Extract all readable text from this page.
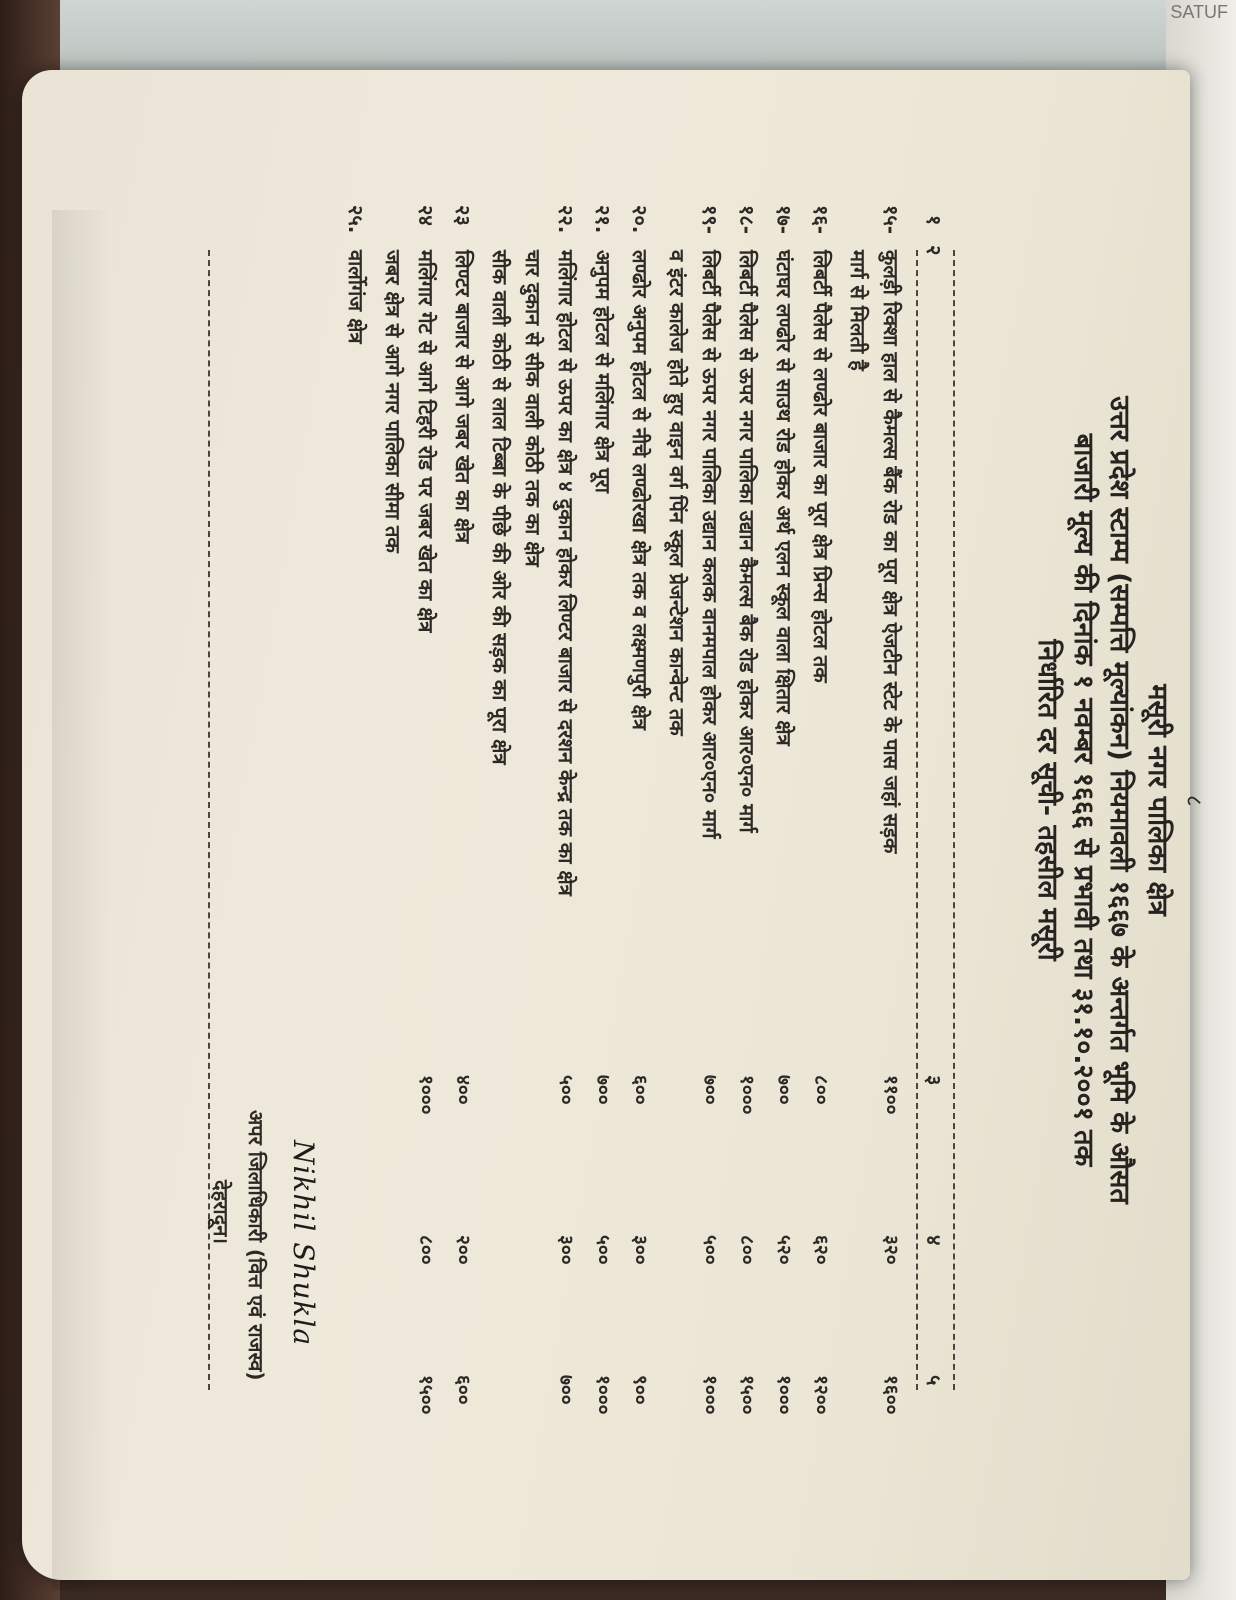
SATUF
८
मसूरी नगर पालिका क्षेत्र
उत्तर प्रदेश स्टाम्प (सम्पत्ति मूल्यांकन) नियमावली १६६७ के अन्तर्गत भूमि के औसत
बाजारी मूल्य की दिनांक १ नवम्बर १६६६ से प्रभावी तथा ३१.१०.२००१ तक
निर्धारित दर सूची- तहसील मसूरी
१
२
३
४
५
Nikhil Shukla
अपर जिलाधिकारी (वित्त एवं राजस्व)
देहरादून।
१५-
कुलड़ी रिक्शा हाल से कैमल्स बैंक रोड का पूरा क्षेत्र ऐजटीन स्टेट के पास जहां सड़क
मार्ग से मिलती है
११००
३२०
१६००
१६-
लिबर्टी पैलेस से लण्ढोर बाजार का पूरा क्षेत्र प्रिन्स होटल तक
८००
६२०
१२००
१७-
घंटाघर लण्ढोर से साउथ रोड होकर अर्थ एलन स्कूल वाला क्षितार क्षेत्र
७००
५२०
१०००
१८-
लिबर्टी पैलेस से ऊपर नगर पालिका उद्यान कैमल्स बैक रोड होकर आर०एन० मार्ग
१०००
८००
१५००
१९-
लिबर्टी पैलेस से ऊपर नगर पालिका उद्यान कलक वानमपाल होकर आर०एन० मार्ग
व इंटर कालेज होते हुए वाइन वर्ग पिंन स्कूल प्रेजन्टेशन कान्वेन्ट तक
७००
५००
१०००
२०.
लण्ढोर अनुपम होटल से नीचे लण्ढोरखा क्षेत्र तक व लक्ष्मणपुरी क्षेत्र
६००
३००
९००
२१.
अनुपम होटल से मलिंगार क्षेत्र पूरा
७००
५००
१०००
२२.
मलिंगार होटल से ऊपर का क्षेत्र ४ दुकान होकर लिण्टर बाजार से दरशन केन्द्र तक का क्षेत्र
चार दुकान से सीक वाली कोठी तक का क्षेत्र
सीक वाली कोठी से लाल टिब्बा के पीछे की ओर की सड़क का पूरा क्षेत्र
५००
३००
७००
२३
लिण्टर बाजार से आगे जबर खेत का क्षेत्र
४००
२००
६००
२४
मलिंगार गेट से आगे टिहरी रोड पर जबर खेत का क्षेत्र
जबर क्षेत्र से आगे नगर पालिका सीमा तक
१०००
८००
१५००
२५.
वार्लोगंज क्षेत्र
